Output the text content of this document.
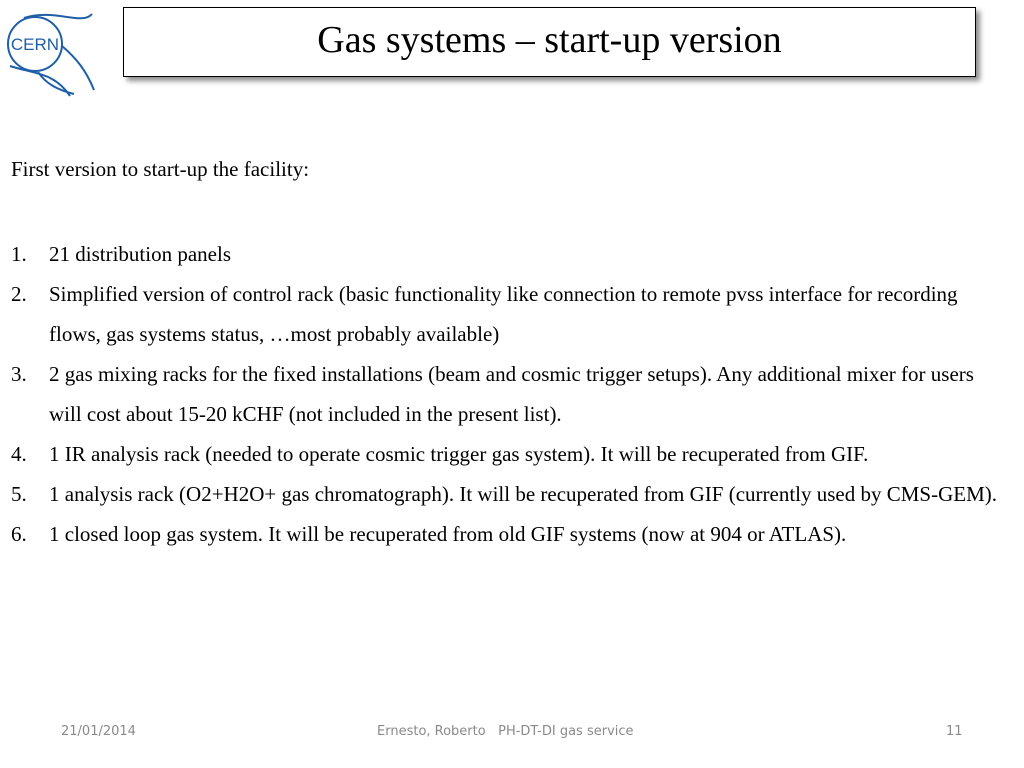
CERN	Gas systems – start-up version
First version to start-up the facility:
1. 21 distribution panels
2. Simplified version of control rack (basic functionality like connection to remote pvss interface for recording flows, gas systems status, …most probably available)
3. 2 gas mixing racks for the fixed installations (beam and cosmic trigger setups). Any additional mixer for users will cost about 15-20 kCHF (not included in the present list).
4. 1 IR analysis rack (needed to operate cosmic trigger gas system). It will be recuperated from GIF.
5. 1 analysis rack (O2+H2O+ gas chromatograph). It will be recuperated from GIF (currently used by CMS-GEM).
6. 1 closed loop gas system. It will be recuperated from old GIF systems (now at 904 or ATLAS).
21/01/2014	Ernesto, Roberto   PH-DT-DI gas service	11
